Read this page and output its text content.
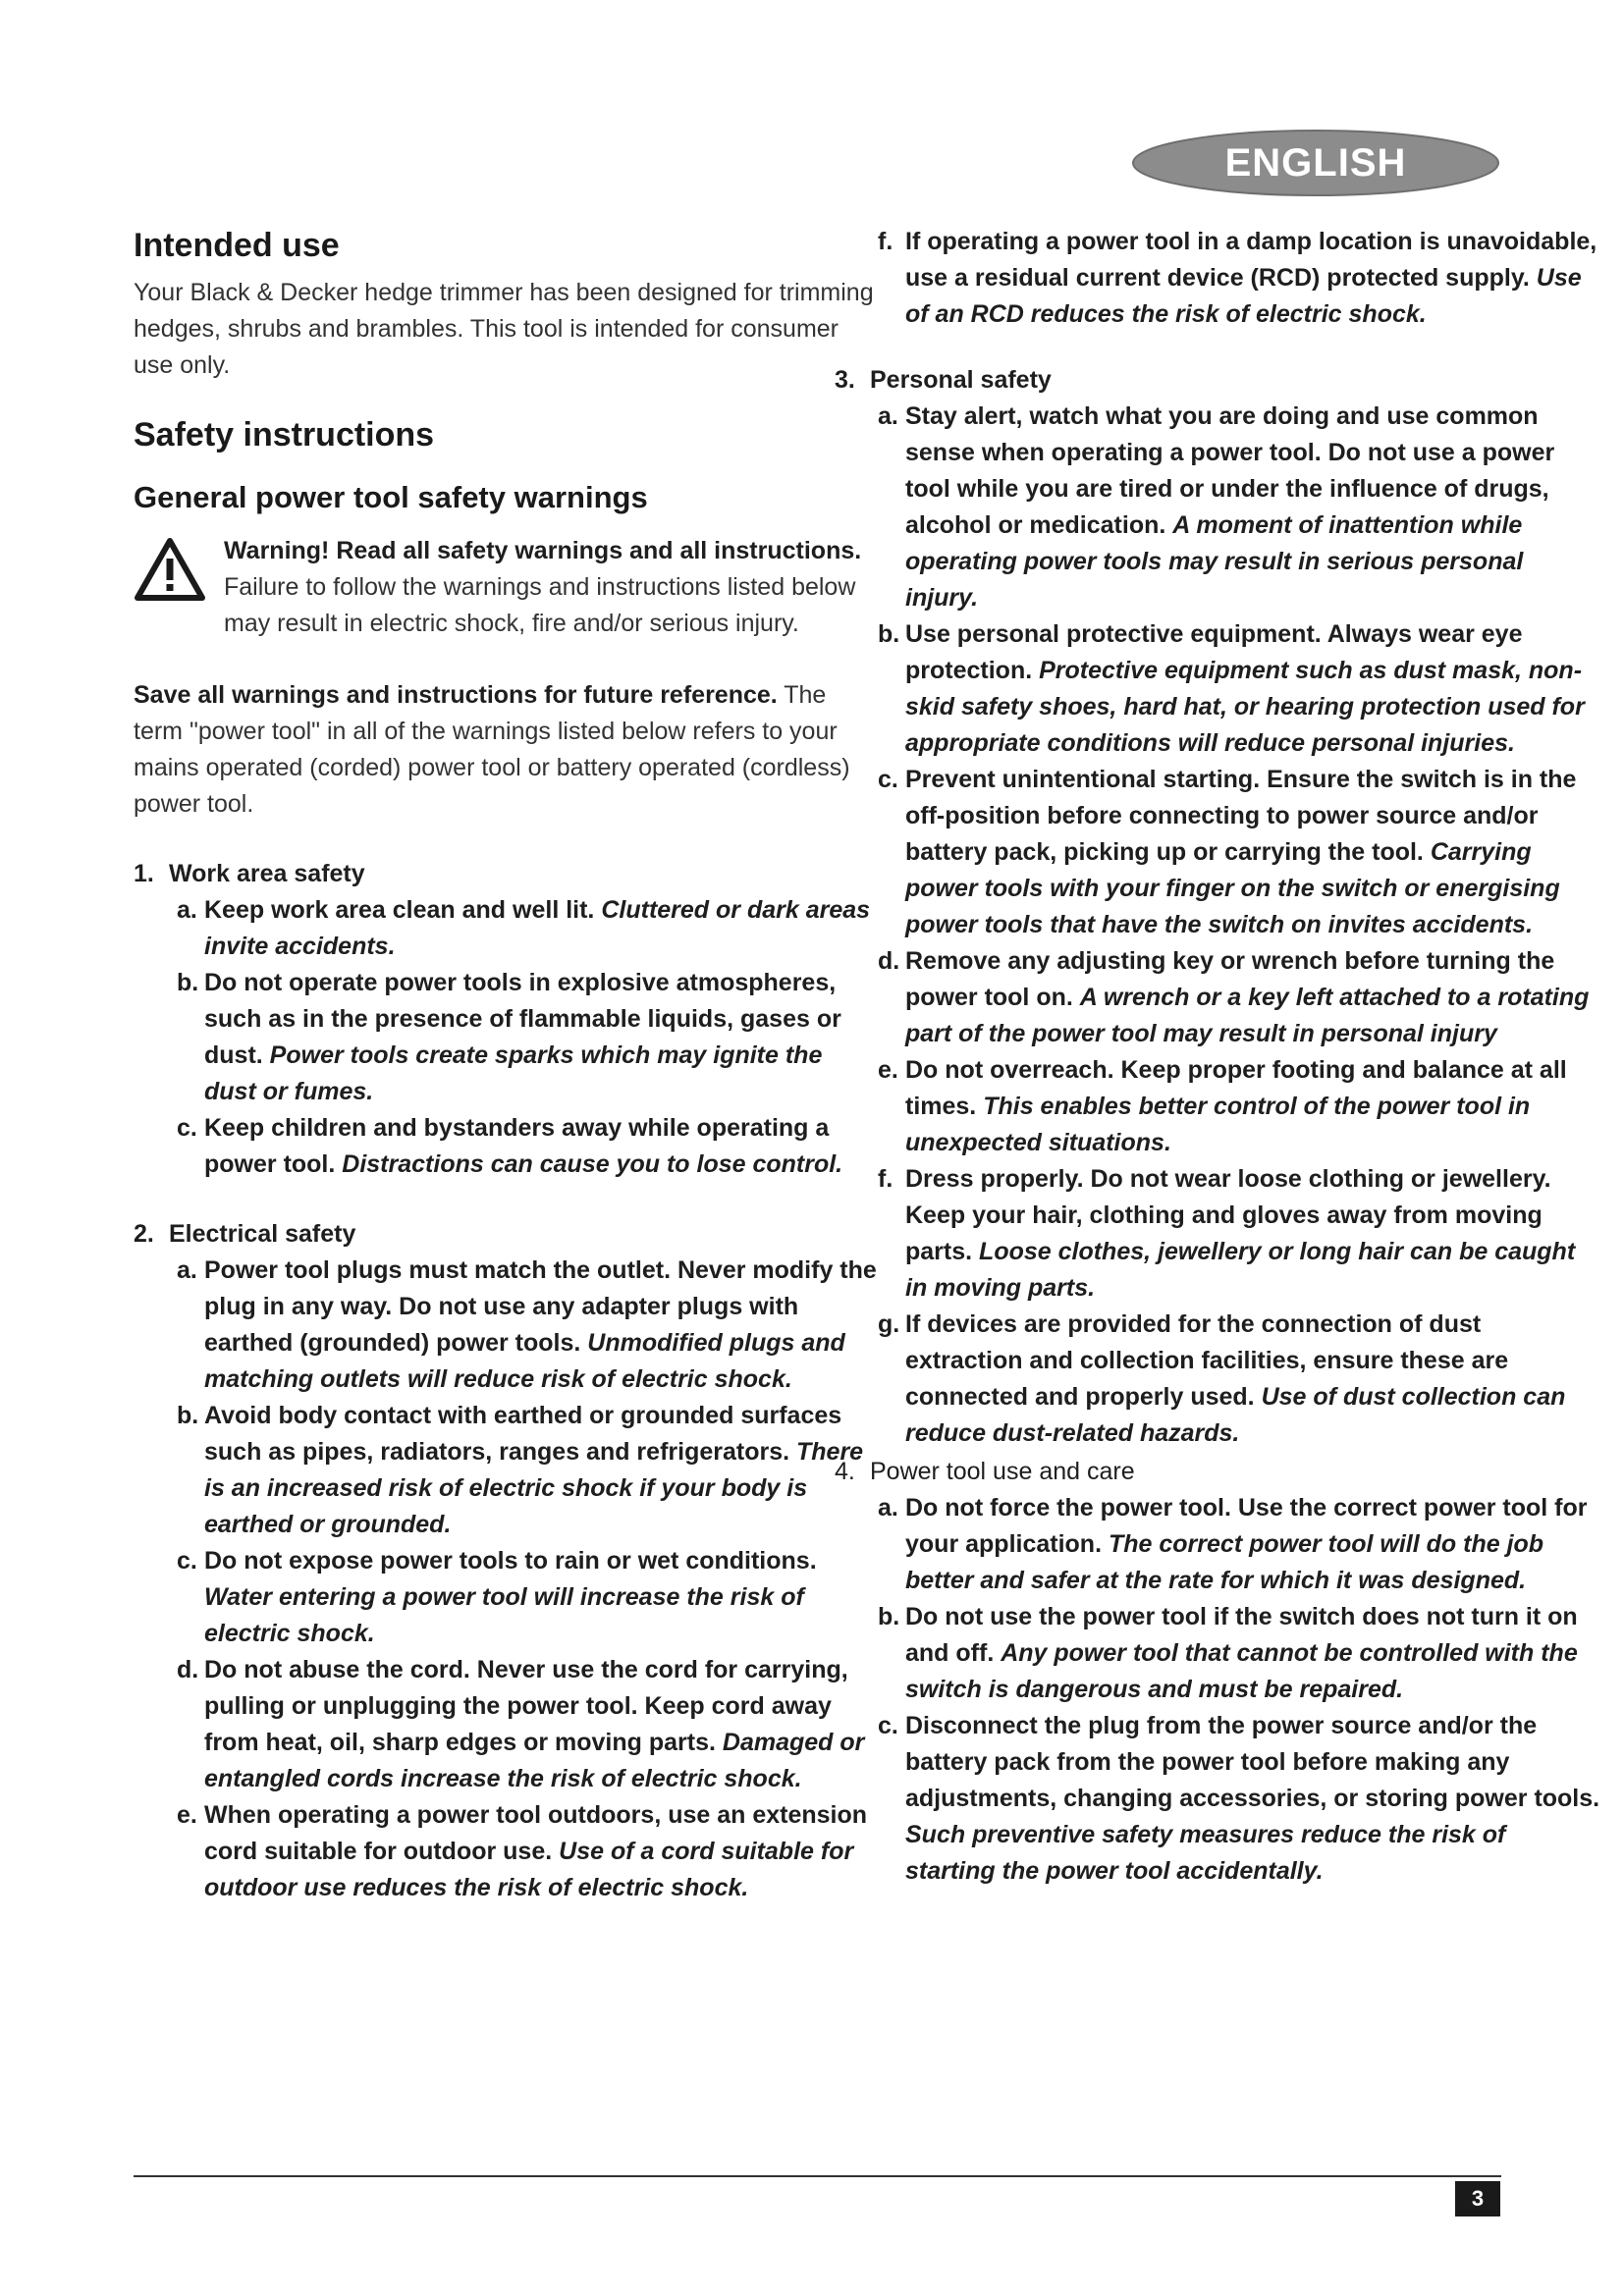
ENGLISH
Intended use

Your Black & Decker hedge trimmer has been designed for trimming hedges, shrubs and brambles. This tool is intended for consumer use only.

Safety instructions
General power tool safety warnings

Warning! Read all safety warnings and all instructions. Failure to follow the warnings and instructions listed below may result in electric shock, fire and/or serious injury.

Save all warnings and instructions for future reference. The term "power tool" in all of the warnings listed below refers to your mains operated (corded) power tool or battery operated (cordless) power tool.

1. Work area safety
a. Keep work area clean and well lit. Cluttered or dark areas invite accidents.
b. Do not operate power tools in explosive atmospheres, such as in the presence of flammable liquids, gases or dust. Power tools create sparks which may ignite the dust or fumes.
c. Keep children and bystanders away while operating a power tool. Distractions can cause you to lose control.
2. Electrical safety
a. Power tool plugs must match the outlet. Never modify the plug in any way. Do not use any adapter plugs with earthed (grounded) power tools. Unmodified plugs and matching outlets will reduce risk of electric shock.
b. Avoid body contact with earthed or grounded surfaces such as pipes, radiators, ranges and refrigerators. There is an increased risk of electric shock if your body is earthed or grounded.
c. Do not expose power tools to rain or wet conditions. Water entering a power tool will increase the risk of electric shock.
d. Do not abuse the cord. Never use the cord for carrying, pulling or unplugging the power tool. Keep cord away from heat, oil, sharp edges or moving parts. Damaged or entangled cords increase the risk of electric shock.
e. When operating a power tool outdoors, use an extension cord suitable for outdoor use. Use of a cord suitable for outdoor use reduces the risk of electric shock.
f. If operating a power tool in a damp location is unavoidable, use a residual current device (RCD) protected supply. Use of an RCD reduces the risk of electric shock.
3. Personal safety
a. Stay alert, watch what you are doing and use common sense when operating a power tool. Do not use a power tool while you are tired or under the influence of drugs, alcohol or medication. A moment of inattention while operating power tools may result in serious personal injury.
b. Use personal protective equipment. Always wear eye protection. Protective equipment such as dust mask, non-skid safety shoes, hard hat, or hearing protection used for appropriate conditions will reduce personal injuries.
c. Prevent unintentional starting. Ensure the switch is in the off-position before connecting to power source and/or battery pack, picking up or carrying the tool. Carrying power tools with your finger on the switch or energising power tools that have the switch on invites accidents.
d. Remove any adjusting key or wrench before turning the power tool on. A wrench or a key left attached to a rotating part of the power tool may result in personal injury
e. Do not overreach. Keep proper footing and balance at all times. This enables better control of the power tool in unexpected situations.
f. Dress properly. Do not wear loose clothing or jewellery. Keep your hair, clothing and gloves away from moving parts. Loose clothes, jewellery or long hair can be caught in moving parts.
g. If devices are provided for the connection of dust extraction and collection facilities, ensure these are connected and properly used. Use of dust collection can reduce dust-related hazards.
4. Power tool use and care
a. Do not force the power tool. Use the correct power tool for your application. The correct power tool will do the job better and safer at the rate for which it was designed.
b. Do not use the power tool if the switch does not turn it on and off. Any power tool that cannot be controlled with the switch is dangerous and must be repaired.
c. Disconnect the plug from the power source and/or the battery pack from the power tool before making any adjustments, changing accessories, or storing power tools. Such preventive safety measures reduce the risk of starting the power tool accidentally.
3
